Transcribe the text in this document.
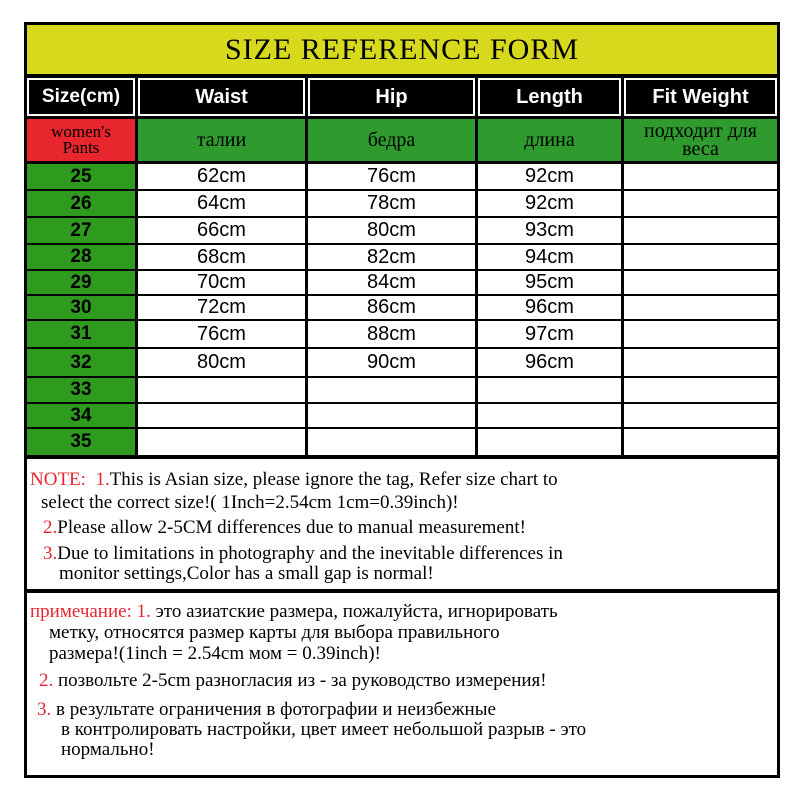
SIZE REFERENCE FORM
Size(cm)	Waist	Hip	Length	Fit Weight
women's
Pants	талии	бедра	длина	подходит для веса
25	62cm	76cm	92cm
26	64cm	78cm	92cm
27	66cm	80cm	93cm
28	68cm	82cm	94cm
29	70cm	84cm	95cm
30	72cm	86cm	96cm
31	76cm	88cm	97cm
32	80cm	90cm	96cm
33
34
35
NOTE: 1.This is Asian size, please ignore the tag, Refer size chart to
select the correct size!( 1Inch=2.54cm 1cm=0.39inch)!
2.Please allow 2-5CM differences due to manual measurement!
3.Due to limitations in photography and the inevitable differences in
monitor settings,Color has a small gap is normal!
примечание: 1. это азиатские размера, пожалуйста, игнорировать
метку, относятся размер карты для выбора правильного
размера!(1inch = 2.54cm мом = 0.39inch)!
2. позвольте 2-5cm разногласия из - за руководство измерения!
3. в результате ограничения в фотографии и неизбежные
в контролировать настройки, цвет имеет небольшой разрыв - это
нормально!
